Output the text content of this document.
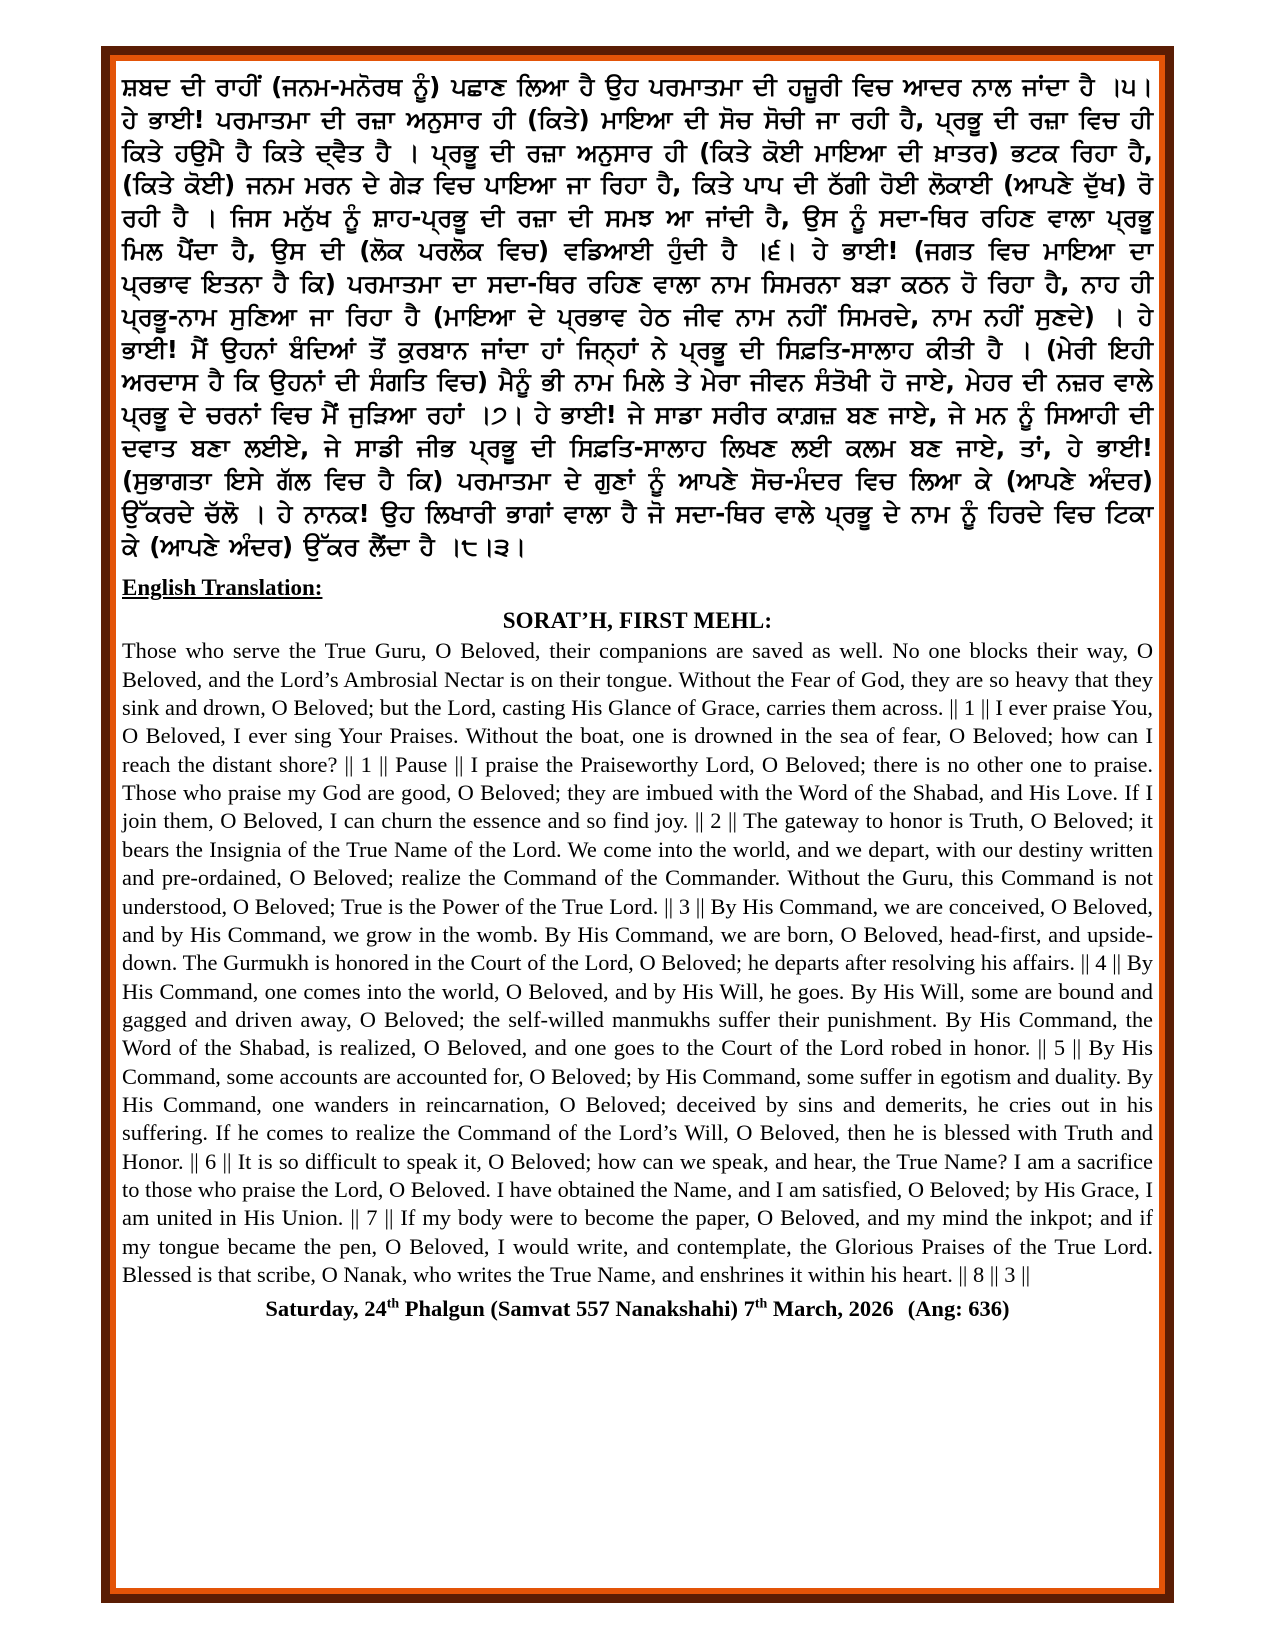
ਸ਼ਬਦ ਦੀ ਰਾਹੀਂ (ਜਨਮ-ਮਨੋਰਥ ਨੂੰ) ਪਛਾਣ ਲਿਆ ਹੈ ਉਹ ਪਰਮਾਤਮਾ ਦੀ ਹਜ਼ੂਰੀ ਵਿਚ ਆਦਰ ਨਾਲ ਜਾਂਦਾ ਹੈ ।੫। ਹੇ ਭਾਈ! ਪਰਮਾਤਮਾ ਦੀ ਰਜ਼ਾ ਅਨੁਸਾਰ ਹੀ (ਕਿਤੇ) ਮਾਇਆ ਦੀ ਸੋਚ ਸੋਚੀ ਜਾ ਰਹੀ ਹੈ, ਪ੍ਰਭੂ ਦੀ ਰਜ਼ਾ ਵਿਚ ਹੀ ਕਿਤੇ ਹਉਮੈ ਹੈ ਕਿਤੇ ਦ੍ਵੈਤ ਹੈ । ਪ੍ਰਭੂ ਦੀ ਰਜ਼ਾ ਅਨੁਸਾਰ ਹੀ (ਕਿਤੇ ਕੋਈ ਮਾਇਆ ਦੀ ਖ਼ਾਤਰ) ਭਟਕ ਰਿਹਾ ਹੈ, (ਕਿਤੇ ਕੋਈ) ਜਨਮ ਮਰਨ ਦੇ ਗੇੜ ਵਿਚ ਪਾਇਆ ਜਾ ਰਿਹਾ ਹੈ, ਕਿਤੇ ਪਾਪ ਦੀ ਠੱਗੀ ਹੋਈ ਲੋਕਾਈ (ਆਪਣੇ ਦੁੱਖ) ਰੋ ਰਹੀ ਹੈ । ਜਿਸ ਮਨੁੱਖ ਨੂੰ ਸ਼ਾਹ-ਪ੍ਰਭੂ ਦੀ ਰਜ਼ਾ ਦੀ ਸਮਝ ਆ ਜਾਂਦੀ ਹੈ, ਉਸ ਨੂੰ ਸਦਾ-ਥਿਰ ਰਹਿਣ ਵਾਲਾ ਪ੍ਰਭੂ ਮਿਲ ਪੈਂਦਾ ਹੈ, ਉਸ ਦੀ (ਲੋਕ ਪਰਲੋਕ ਵਿਚ) ਵਡਿਆਈ ਹੁੰਦੀ ਹੈ ।੬। ਹੇ ਭਾਈ! (ਜਗਤ ਵਿਚ ਮਾਇਆ ਦਾ ਪ੍ਰਭਾਵ ਇਤਨਾ ਹੈ ਕਿ) ਪਰਮਾਤਮਾ ਦਾ ਸਦਾ-ਥਿਰ ਰਹਿਣ ਵਾਲਾ ਨਾਮ ਸਿਮਰਨਾ ਬੜਾ ਕਠਨ ਹੋ ਰਿਹਾ ਹੈ, ਨਾਹ ਹੀ ਪ੍ਰਭੂ-ਨਾਮ ਸੁਣਿਆ ਜਾ ਰਿਹਾ ਹੈ (ਮਾਇਆ ਦੇ ਪ੍ਰਭਾਵ ਹੇਠ ਜੀਵ ਨਾਮ ਨਹੀਂ ਸਿਮਰਦੇ, ਨਾਮ ਨਹੀਂ ਸੁਣਦੇ) । ਹੇ ਭਾਈ! ਮੈਂ ਉਹਨਾਂ ਬੰਦਿਆਂ ਤੋਂ ਕੁਰਬਾਨ ਜਾਂਦਾ ਹਾਂ ਜਿਨ੍ਹਾਂ ਨੇ ਪ੍ਰਭੂ ਦੀ ਸਿਫ਼ਤਿ-ਸਾਲਾਹ ਕੀਤੀ ਹੈ । (ਮੇਰੀ ਇਹੀ ਅਰਦਾਸ ਹੈ ਕਿ ਉਹਨਾਂ ਦੀ ਸੰਗਤਿ ਵਿਚ) ਮੈਨੂੰ ਭੀ ਨਾਮ ਮਿਲੇ ਤੇ ਮੇਰਾ ਜੀਵਨ ਸੰਤੋਖੀ ਹੋ ਜਾਏ, ਮੇਹਰ ਦੀ ਨਜ਼ਰ ਵਾਲੇ ਪ੍ਰਭੂ ਦੇ ਚਰਨਾਂ ਵਿਚ ਮੈਂ ਜੁੜਿਆ ਰਹਾਂ ।੭। ਹੇ ਭਾਈ! ਜੇ ਸਾਡਾ ਸਰੀਰ ਕਾਗ਼ਜ਼ ਬਣ ਜਾਏ, ਜੇ ਮਨ ਨੂੰ ਸਿਆਹੀ ਦੀ ਦਵਾਤ ਬਣਾ ਲਈਏ, ਜੇ ਸਾਡੀ ਜੀਭ ਪ੍ਰਭੂ ਦੀ ਸਿਫ਼ਤਿ-ਸਾਲਾਹ ਲਿਖਣ ਲਈ ਕਲਮ ਬਣ ਜਾਏ, ਤਾਂ, ਹੇ ਭਾਈ! (ਸੁਭਾਗਤਾ ਇਸੇ ਗੱਲ ਵਿਚ ਹੈ ਕਿ) ਪਰਮਾਤਮਾ ਦੇ ਗੁਣਾਂ ਨੂੰ ਆਪਣੇ ਸੋਚ-ਮੰਦਰ ਵਿਚ ਲਿਆ ਕੇ (ਆਪਣੇ ਅੰਦਰ) ਉੱਕਰਦੇ ਚੱਲੋ । ਹੇ ਨਾਨਕ! ਉਹ ਲਿਖਾਰੀ ਭਾਗਾਂ ਵਾਲਾ ਹੈ ਜੋ ਸਦਾ-ਥਿਰ ਵਾਲੇ ਪ੍ਰਭੂ ਦੇ ਨਾਮ ਨੂੰ ਹਿਰਦੇ ਵਿਚ ਟਿਕਾ ਕੇ (ਆਪਣੇ ਅੰਦਰ) ਉੱਕਰ ਲੈਂਦਾ ਹੈ ।੮।੩।

English Translation:
SORAT’H, FIRST MEHL:

Those who serve the True Guru, O Beloved, their companions are saved as well. No one blocks their way, O Beloved, and the Lord’s Ambrosial Nectar is on their tongue. Without the Fear of God, they are so heavy that they sink and drown, O Beloved; but the Lord, casting His Glance of Grace, carries them across. || 1 || I ever praise You, O Beloved, I ever sing Your Praises. Without the boat, one is drowned in the sea of fear, O Beloved; how can I reach the distant shore? || 1 || Pause || I praise the Praiseworthy Lord, O Beloved; there is no other one to praise. Those who praise my God are good, O Beloved; they are imbued with the Word of the Shabad, and His Love. If I join them, O Beloved, I can churn the essence and so find joy. || 2 || The gateway to honor is Truth, O Beloved; it bears the Insignia of the True Name of the Lord. We come into the world, and we depart, with our destiny written and pre-ordained, O Beloved; realize the Command of the Commander. Without the Guru, this Command is not understood, O Beloved; True is the Power of the True Lord. || 3 || By His Command, we are conceived, O Beloved, and by His Command, we grow in the womb. By His Command, we are born, O Beloved, head-first, and upside-down. The Gurmukh is honored in the Court of the Lord, O Beloved; he departs after resolving his affairs. || 4 || By His Command, one comes into the world, O Beloved, and by His Will, he goes. By His Will, some are bound and gagged and driven away, O Beloved; the self-willed manmukhs suffer their punishment. By His Command, the Word of the Shabad, is realized, O Beloved, and one goes to the Court of the Lord robed in honor. || 5 || By His Command, some accounts are accounted for, O Beloved; by His Command, some suffer in egotism and duality. By His Command, one wanders in reincarnation, O Beloved; deceived by sins and demerits, he cries out in his suffering. If he comes to realize the Command of the Lord’s Will, O Beloved, then he is blessed with Truth and Honor. || 6 || It is so difficult to speak it, O Beloved; how can we speak, and hear, the True Name? I am a sacrifice to those who praise the Lord, O Beloved. I have obtained the Name, and I am satisfied, O Beloved; by His Grace, I am united in His Union. || 7 || If my body were to become the paper, O Beloved, and my mind the inkpot; and if my tongue became the pen, O Beloved, I would write, and contemplate, the Glorious Praises of the True Lord. Blessed is that scribe, O Nanak, who writes the True Name, and enshrines it within his heart. || 8 || 3 ||

Saturday, 24th Phalgun (Samvat 557 Nanakshahi) 7th March, 2026 (Ang: 636)
